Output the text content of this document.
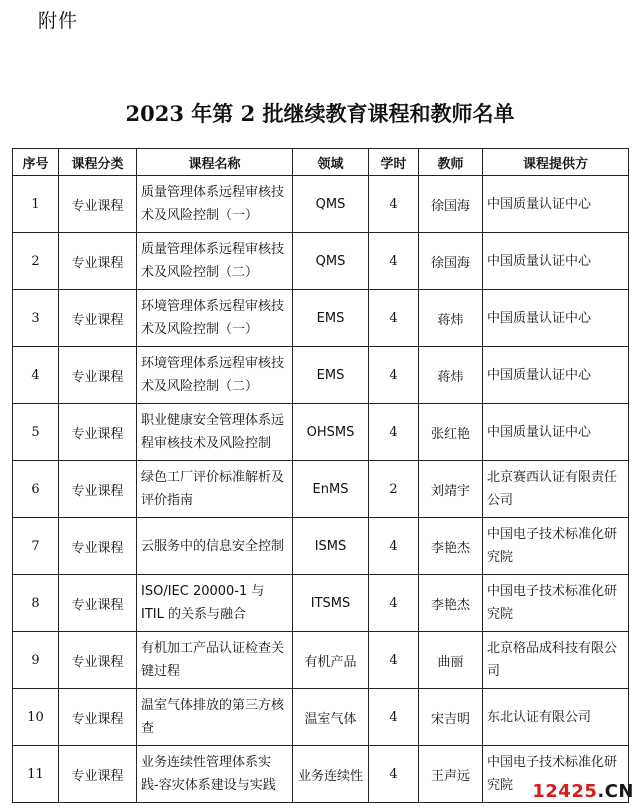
附件
2023 年第 2 批继续教育课程和教师名单
序号	课程分类	课程名称	领域	学时	教师	课程提供方
1	专业课程	质量管理体系远程审核技术及风险控制（一）	QMS	4	徐国海	中国质量认证中心
2	专业课程	质量管理体系远程审核技术及风险控制（二）	QMS	4	徐国海	中国质量认证中心
3	专业课程	环境管理体系远程审核技术及风险控制（一）	EMS	4	蒋炜	中国质量认证中心
4	专业课程	环境管理体系远程审核技术及风险控制（二）	EMS	4	蒋炜	中国质量认证中心
5	专业课程	职业健康安全管理体系远程审核技术及风险控制	OHSMS	4	张红艳	中国质量认证中心
6	专业课程	绿色工厂评价标准解析及评价指南	EnMS	2	刘靖宇	北京赛西认证有限责任公司
7	专业课程	云服务中的信息安全控制	ISMS	4	李艳杰	中国电子技术标准化研究院
8	专业课程	ISO/IEC 20000-1 与 ITIL 的关系与融合	ITSMS	4	李艳杰	中国电子技术标准化研究院
9	专业课程	有机加工产品认证检查关键过程	有机产品	4	曲丽	北京格品成科技有限公司
10	专业课程	温室气体排放的第三方核查	温室气体	4	宋吉明	东北认证有限公司
11	专业课程	业务连续性管理体系实践-容灾体系建设与实践	业务连续性	4	王声远	中国电子技术标准化研究院 12425.CN
